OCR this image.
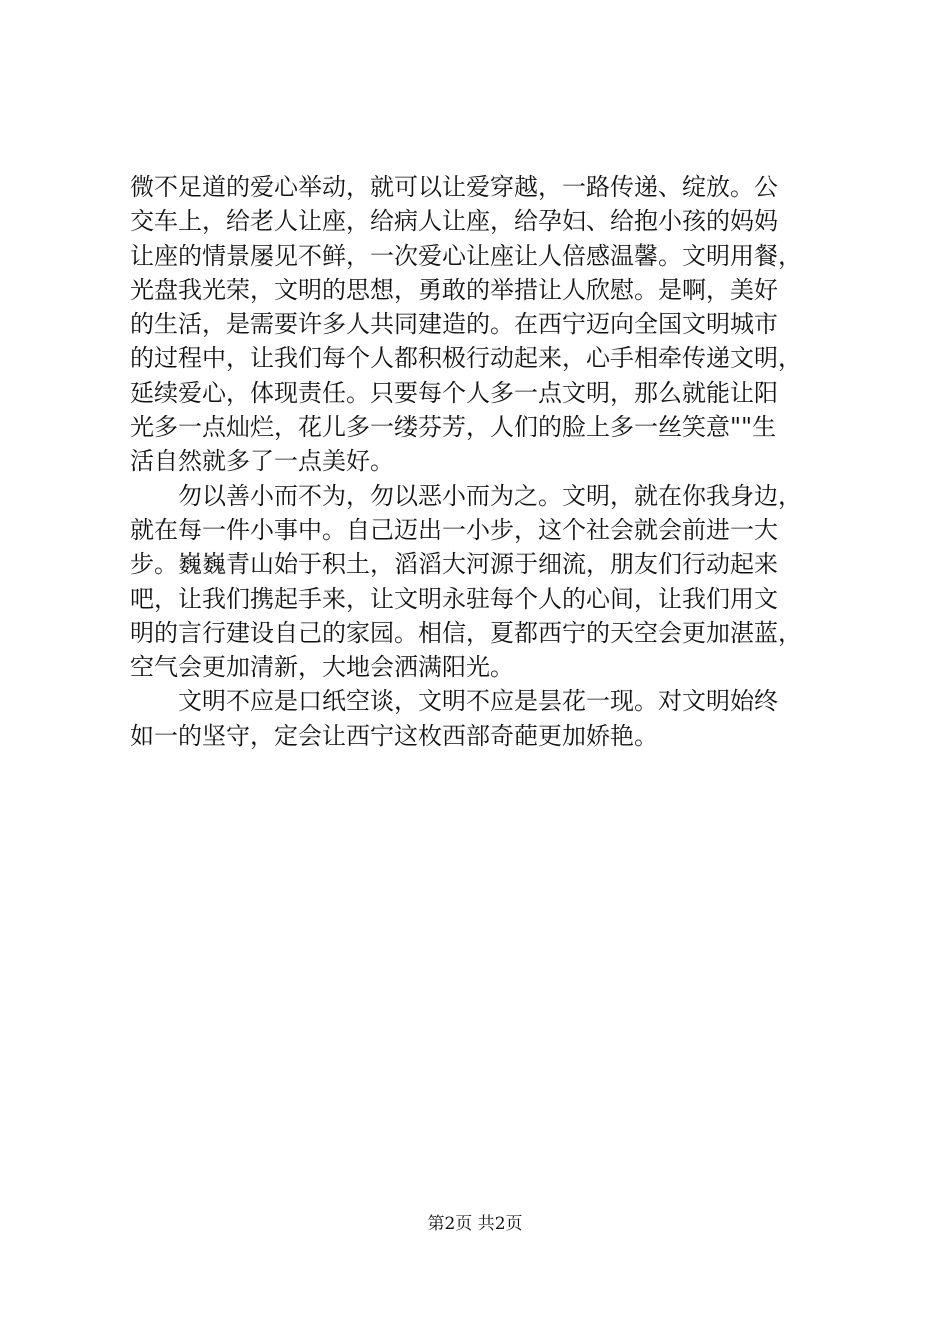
微不足道的爱心举动，就可以让爱穿越，一路传递、绽放。公
交车上，给老人让座，给病人让座，给孕妇、给抱小孩的妈妈
让座的情景屡见不鲜，一次爱心让座让人倍感温馨。文明用餐，
光盘我光荣，文明的思想，勇敢的举措让人欣慰。是啊，美好
的生活，是需要许多人共同建造的。在西宁迈向全国文明城市
的过程中，让我们每个人都积极行动起来，心手相牵传递文明，
延续爱心，体现责任。只要每个人多一点文明，那么就能让阳
光多一点灿烂，花儿多一缕芬芳，人们的脸上多一丝笑意""生
活自然就多了一点美好。
　　勿以善小而不为，勿以恶小而为之。文明，就在你我身边，
就在每一件小事中。自己迈出一小步，这个社会就会前进一大
步。巍巍青山始于积土，滔滔大河源于细流，朋友们行动起来
吧，让我们携起手来，让文明永驻每个人的心间，让我们用文
明的言行建设自己的家园。相信，夏都西宁的天空会更加湛蓝，
空气会更加清新，大地会洒满阳光。
　　文明不应是口纸空谈，文明不应是昙花一现。对文明始终
如一的坚守，定会让西宁这枚西部奇葩更加娇艳。
第2页 共2页
